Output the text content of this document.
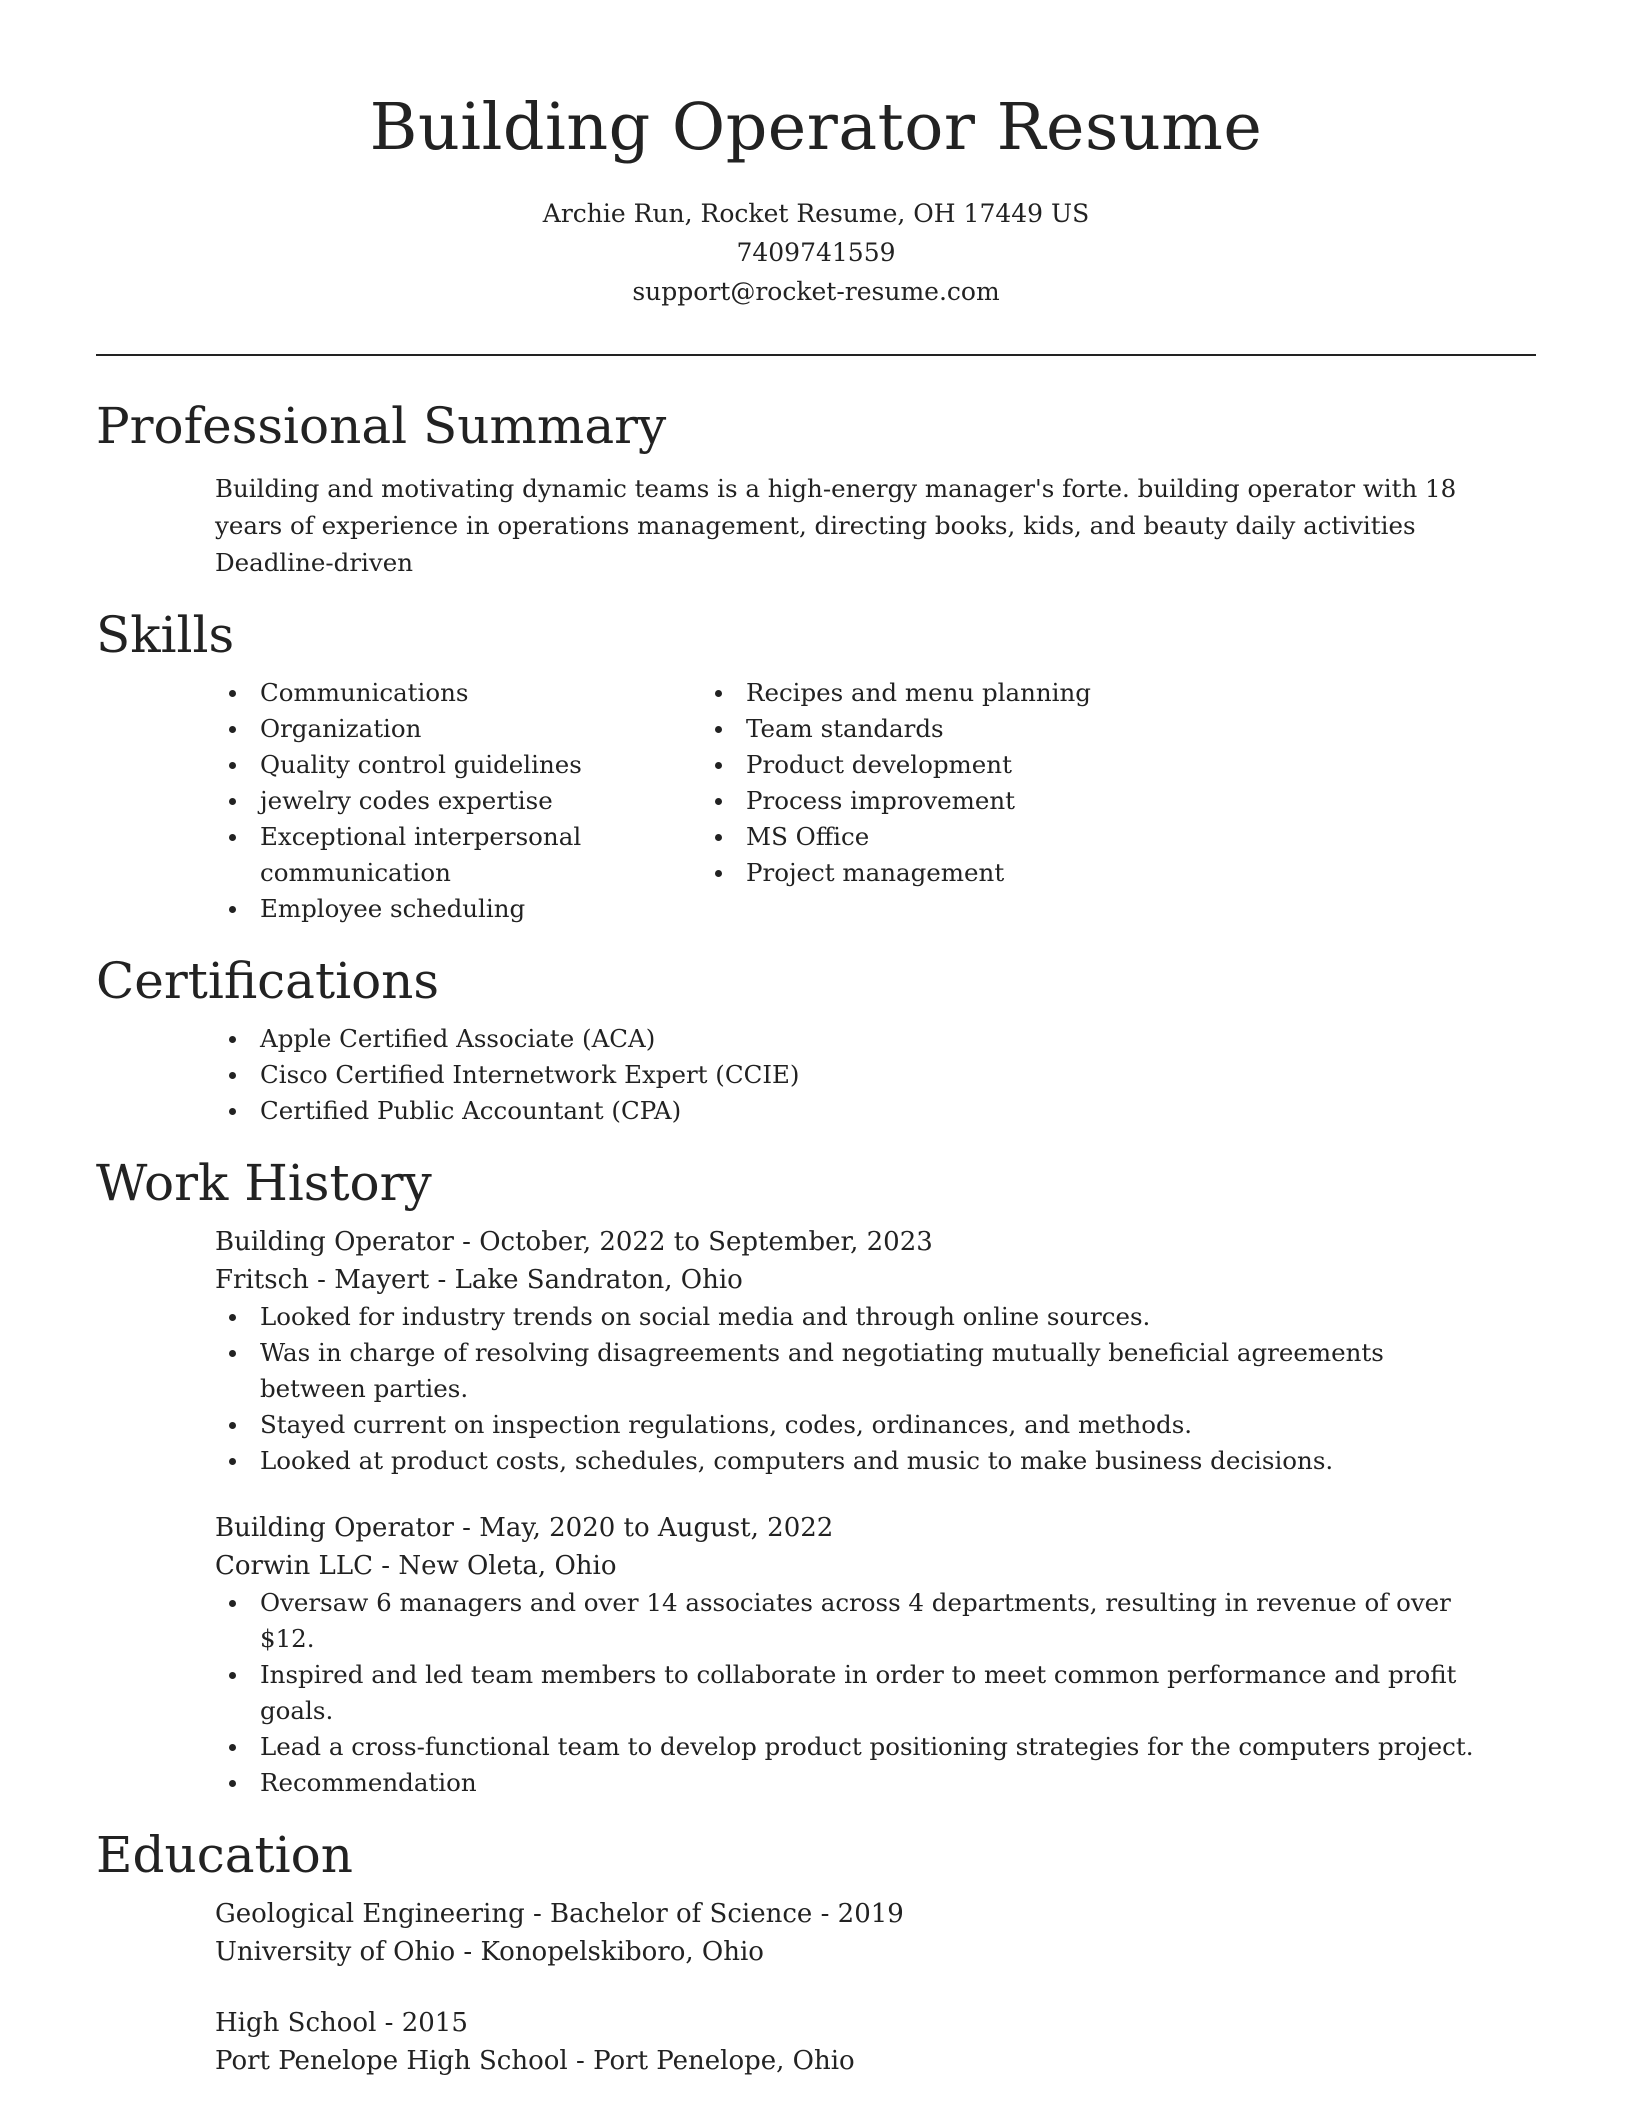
Building Operator Resume
Archie Run, Rocket Resume, OH 17449 US
7409741559
support@rocket-resume.com
Professional Summary

Building and motivating dynamic teams is a high-energy manager's forte. building operator with 18 years of experience in operations management, directing books, kids, and beauty daily activities Deadline-driven

Skills
Communications
Organization
Quality control guidelines
jewelry codes expertise
Exceptional interpersonal communication
Employee scheduling
Recipes and menu planning
Team standards
Product development
Process improvement
MS Office
Project management
Certifications
Apple Certified Associate (ACA)
Cisco Certified Internetwork Expert (CCIE)
Certified Public Accountant (CPA)
Work History
Building Operator - October, 2022 to September, 2023
Fritsch - Mayert - Lake Sandraton, Ohio
Looked for industry trends on social media and through online sources.
Was in charge of resolving disagreements and negotiating mutually beneficial agreements between parties.
Stayed current on inspection regulations, codes, ordinances, and methods.
Looked at product costs, schedules, computers and music to make business decisions.
Building Operator - May, 2020 to August, 2022
Corwin LLC - New Oleta, Ohio
Oversaw 6 managers and over 14 associates across 4 departments, resulting in revenue of over $12.
Inspired and led team members to collaborate in order to meet common performance and profit goals.
Lead a cross-functional team to develop product positioning strategies for the computers project.
Recommendation
Education
Geological Engineering - Bachelor of Science - 2019
University of Ohio - Konopelskiboro, Ohio
High School - 2015
Port Penelope High School - Port Penelope, Ohio
